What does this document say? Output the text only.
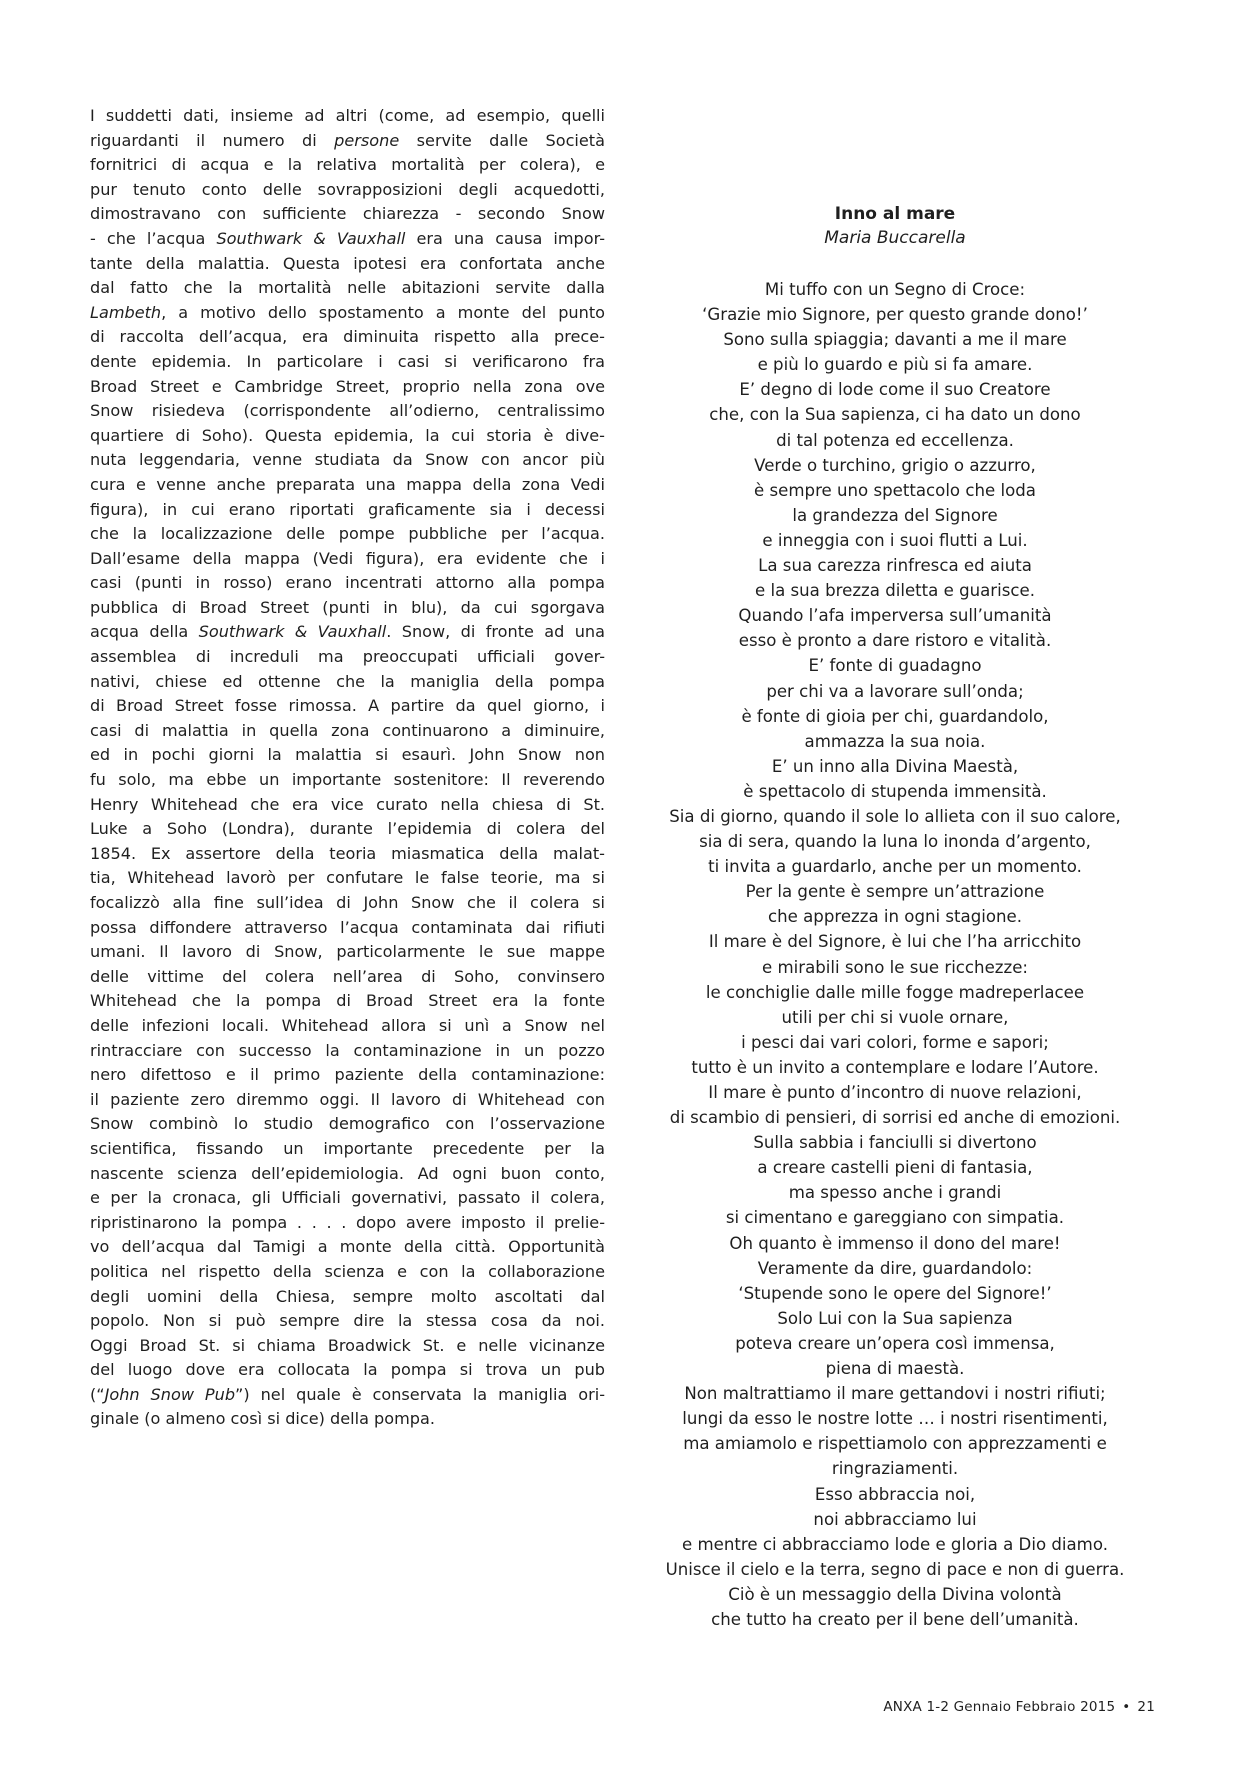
I suddetti dati, insieme ad altri (come, ad esempio, quelli
riguardanti il numero di persone servite dalle Società
fornitrici di acqua e la relativa mortalità per colera), e
pur tenuto conto delle sovrapposizioni degli acquedotti,
dimostravano con sufficiente chiarezza - secondo Snow
- che l’acqua Southwark & Vauxhall era una causa impor-
tante della malattia. Questa ipotesi era confortata anche
dal fatto che la mortalità nelle abitazioni servite dalla
Lambeth, a motivo dello spostamento a monte del punto
di raccolta dell’acqua, era diminuita rispetto alla prece-
dente epidemia. In particolare i casi si verificarono fra
Broad Street e Cambridge Street, proprio nella zona ove
Snow risiedeva (corrispondente all’odierno, centralissimo
quartiere di Soho). Questa epidemia, la cui storia è dive-
nuta leggendaria, venne studiata da Snow con ancor più
cura e venne anche preparata una mappa della zona Vedi
figura), in cui erano riportati graficamente sia i decessi
che la localizzazione delle pompe pubbliche per l’acqua.
Dall’esame della mappa (Vedi figura), era evidente che i
casi (punti in rosso) erano incentrati attorno alla pompa
pubblica di Broad Street (punti in blu), da cui sgorgava
acqua della Southwark & Vauxhall. Snow, di fronte ad una
assemblea di increduli ma preoccupati ufficiali gover-
nativi, chiese ed ottenne che la maniglia della pompa
di Broad Street fosse rimossa. A partire da quel giorno, i
casi di malattia in quella zona continuarono a diminuire,
ed in pochi giorni la malattia si esaurì. John Snow non
fu solo, ma ebbe un importante sostenitore: Il reverendo
Henry Whitehead che era vice curato nella chiesa di St.
Luke a Soho (Londra), durante l’epidemia di colera del
1854. Ex assertore della teoria miasmatica della malat-
tia, Whitehead lavorò per confutare le false teorie, ma si
focalizzò alla fine sull’idea di John Snow che il colera si
possa diffondere attraverso l’acqua contaminata dai rifiuti
umani. Il lavoro di Snow, particolarmente le sue mappe
delle vittime del colera nell’area di Soho, convinsero
Whitehead che la pompa di Broad Street era la fonte
delle infezioni locali. Whitehead allora si unì a Snow nel
rintracciare con successo la contaminazione in un pozzo
nero difettoso e il primo paziente della contaminazione:
il paziente zero diremmo oggi. Il lavoro di Whitehead con
Snow combinò lo studio demografico con l’osservazione
scientifica, fissando un importante precedente per la
nascente scienza dell’epidemiologia. Ad ogni buon conto,
e per la cronaca, gli Ufficiali governativi, passato il colera,
ripristinarono la pompa . . . . dopo avere imposto il prelie-
vo dell’acqua dal Tamigi a monte della città. Opportunità
politica nel rispetto della scienza e con la collaborazione
degli uomini della Chiesa, sempre molto ascoltati dal
popolo. Non si può sempre dire la stessa cosa da noi.
Oggi Broad St. si chiama Broadwick St. e nelle vicinanze
del luogo dove era collocata la pompa si trova un pub
(“John Snow Pub”) nel quale è conservata la maniglia ori-
ginale (o almeno così si dice) della pompa.

Inno al mare

Maria Buccarella

Mi tuffo con un Segno di Croce:
‘Grazie mio Signore, per questo grande dono!’
Sono sulla spiaggia; davanti a me il mare
e più lo guardo e più si fa amare.
E’ degno di lode come il suo Creatore
che, con la Sua sapienza, ci ha dato un dono
di tal potenza ed eccellenza.
Verde o turchino, grigio o azzurro,
è sempre uno spettacolo che loda
la grandezza del Signore
e inneggia con i suoi flutti a Lui.
La sua carezza rinfresca ed aiuta
e la sua brezza diletta e guarisce.
Quando l’afa imperversa sull’umanità
esso è pronto a dare ristoro e vitalità.
E’ fonte di guadagno
per chi va a lavorare sull’onda;
è fonte di gioia per chi, guardandolo,
ammazza la sua noia.
E’ un inno alla Divina Maestà,
è spettacolo di stupenda immensità.
Sia di giorno, quando il sole lo allieta con il suo calore,
sia di sera, quando la luna lo inonda d’argento,
ti invita a guardarlo, anche per un momento.
Per la gente è sempre un’attrazione
che apprezza in ogni stagione.
Il mare è del Signore, è lui che l’ha arricchito
e mirabili sono le sue ricchezze:
le conchiglie dalle mille fogge madreperlacee
utili per chi si vuole ornare,
i pesci dai vari colori, forme e sapori;
tutto è un invito a contemplare e lodare l’Autore.
Il mare è punto d’incontro di nuove relazioni,
di scambio di pensieri, di sorrisi ed anche di emozioni.
Sulla sabbia i fanciulli si divertono
a creare castelli pieni di fantasia,
ma spesso anche i grandi
si cimentano e gareggiano con simpatia.
Oh quanto è immenso il dono del mare!
Veramente da dire, guardandolo:
‘Stupende sono le opere del Signore!’
Solo Lui con la Sua sapienza
poteva creare un’opera così immensa,
piena di maestà.
Non maltrattiamo il mare gettandovi i nostri rifiuti;
lungi da esso le nostre lotte … i nostri risentimenti,
ma amiamolo e rispettiamolo con apprezzamenti e
ringraziamenti.
Esso abbraccia noi,
noi abbracciamo lui
e mentre ci abbracciamo lode e gloria a Dio diamo.
Unisce il cielo e la terra, segno di pace e non di guerra.
Ciò è un messaggio della Divina volontà
che tutto ha creato per il bene dell’umanità.
ANXA 1-2 Gennaio Febbraio 2015 • 21
